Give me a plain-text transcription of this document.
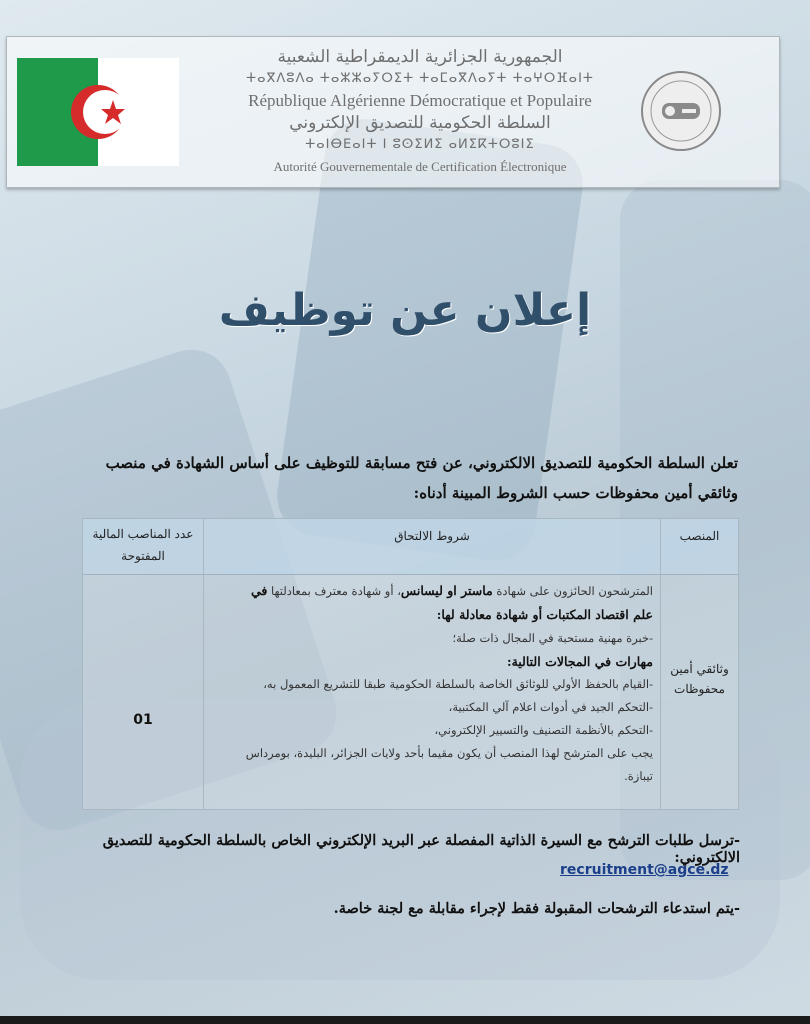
الجمهورية الجزائرية الديمقراطية الشعبية
ⵜⴰⴳⴷⵓⴷⴰ ⵜⴰⵣⵣⴰⵢⵔⵉⵜ ⵜⴰⵎⴰⴳⴷⴰⵢⵜ ⵜⴰⵖⵔⴼⴰⵏⵜ
République Algérienne Démocratique et Populaire
السلطة الحكومية للتصديق الإلكتروني
ⵜⴰⵏⴱⴹⴰⵏⵜ ⵏ ⵓⵙⵉⵍⵉ ⴰⵍⵉⴽⵜⵔⵓⵏⵉ
Autorité Gouvernementale de Certification Électronique
إعلان عن توظيف
تعلن السلطة الحكومية للتصديق الالكتروني، عن فتح مسابقة للتوظيف على أساس الشهادة في منصب وثائقي أمين محفوظات حسب الشروط المبينة أدناه:
المنصب
شروط الالتحاق
عدد المناصب المالية المفتوحة
وثائقي أمين محفوظات
01
المترشحون الحائزون على شهادة ماستر او ليسانس، أو شهادة معترف بمعادلتها في علم اقتصاد المكتبات أو شهادة معادلة لها:
-خبرة مهنية مستحبة في المجال ذات صلة؛
مهارات في المجالات التالية:
-القيام بالحفظ الأولي للوثائق الخاصة بالسلطة الحكومية طبقا للتشريع المعمول به،
-التحكم الجيد في أدوات اعلام آلي المكتبية،
-التحكم بالأنظمة التصنيف والتسيير الإلكتروني،
يجب على المترشح لهذا المنصب أن يكون مقيما بأحد ولايات الجزائر، البليدة، بومرداس تيبازة.
-ترسل طلبات الترشح مع السيرة الذاتية المفصلة عبر البريد الإلكتروني الخاص بالسلطة الحكومية للتصديق الالكتروني:
recruitment@agce.dz
-يتم استدعاء الترشحات المقبولة فقط لإجراء مقابلة مع لجنة خاصة.
